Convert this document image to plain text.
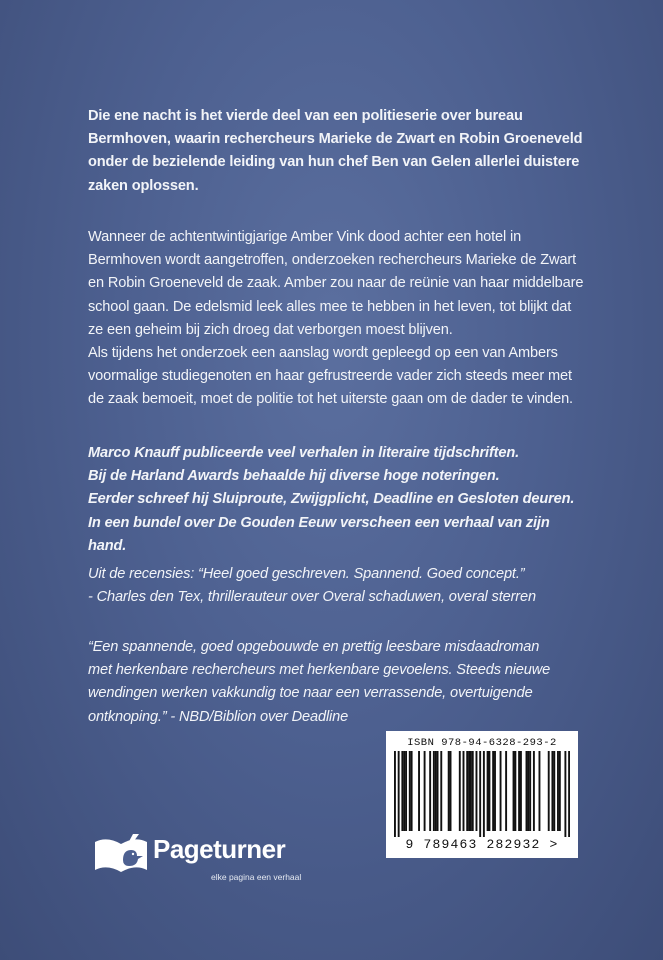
Die ene nacht is het vierde deel van een politieserie over bureau

Bermhoven, waarin rechercheurs Marieke de Zwart en Robin Groeneveld

onder de bezielende leiding van hun chef Ben van Gelen allerlei duistere

zaken oplossen.

Wanneer de achtentwintigjarige Amber Vink dood achter een hotel in

Bermhoven wordt aangetroffen, onderzoeken rechercheurs Marieke de Zwart

en Robin Groeneveld de zaak. Amber zou naar de reünie van haar middelbare

school gaan. De edelsmid leek alles mee te hebben in het leven, tot blijkt dat

ze een geheim bij zich droeg dat verborgen moest blijven.

Als tijdens het onderzoek een aanslag wordt gepleegd op een van Ambers

voormalige studiegenoten en haar gefrustreerde vader zich steeds meer met

de zaak bemoeit, moet de politie tot het uiterste gaan om de dader te vinden.

Marco Knauff publiceerde veel verhalen in literaire tijdschriften.

Bij de Harland Awards behaalde hij diverse hoge noteringen.

Eerder schreef hij Sluiproute, Zwijgplicht, Deadline en Gesloten deuren.

In een bundel over De Gouden Eeuw verscheen een verhaal van zijn hand.

Uit de recensies: “Heel goed geschreven. Spannend. Goed concept.”

- Charles den Tex, thrillerauteur over Overal schaduwen, overal sterren

“Een spannende, goed opgebouwde en prettig leesbare misdaadroman

met herkenbare rechercheurs met herkenbare gevoelens. Steeds nieuwe

wendingen werken vakkundig toe naar een verrassende, overtuigende

ontknoping.” - NBD/Biblion over Deadline

ISBN 978-94-6328-293-2
9 789463 282932 >
Pageturner
elke pagina een verhaal
